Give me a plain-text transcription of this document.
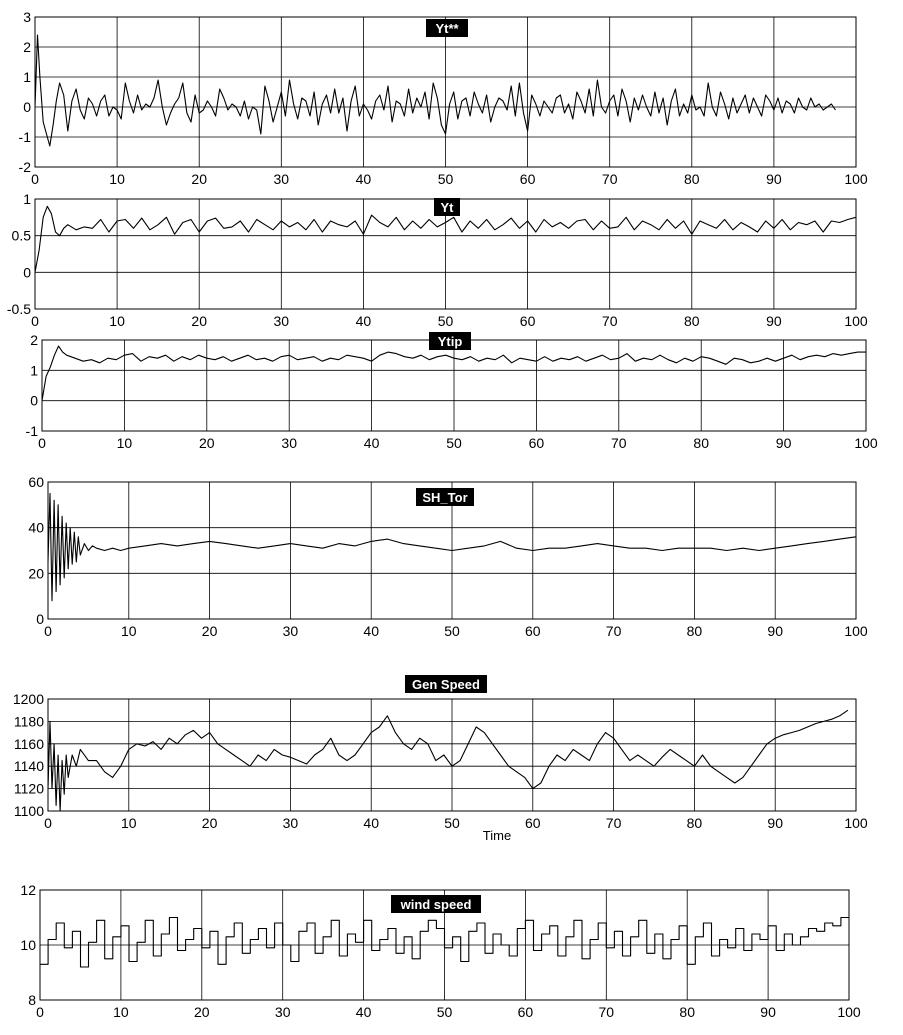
0	10	20	30	40	50	60	70	80	90	100
3
2
1
0
-1
-2
Yt**
0	10	20	30	40	50	60	70	80	90	100
1
0.5
0
-0.5
Yt
0	10	20	30	40	50	60	70	80	90	100
2
1
0
-1
Ytip
0	10	20	30	40	50	60	70	80	90	100
60
40
20
0
SH_Tor
0	10	20	30	40	50	60	70	80	90	100
1200
1180
1160
1140
1120
1100
Gen Speed
Time
0	10	20	30	40	50	60	70	80	90	100
12
10
8
wind speed
